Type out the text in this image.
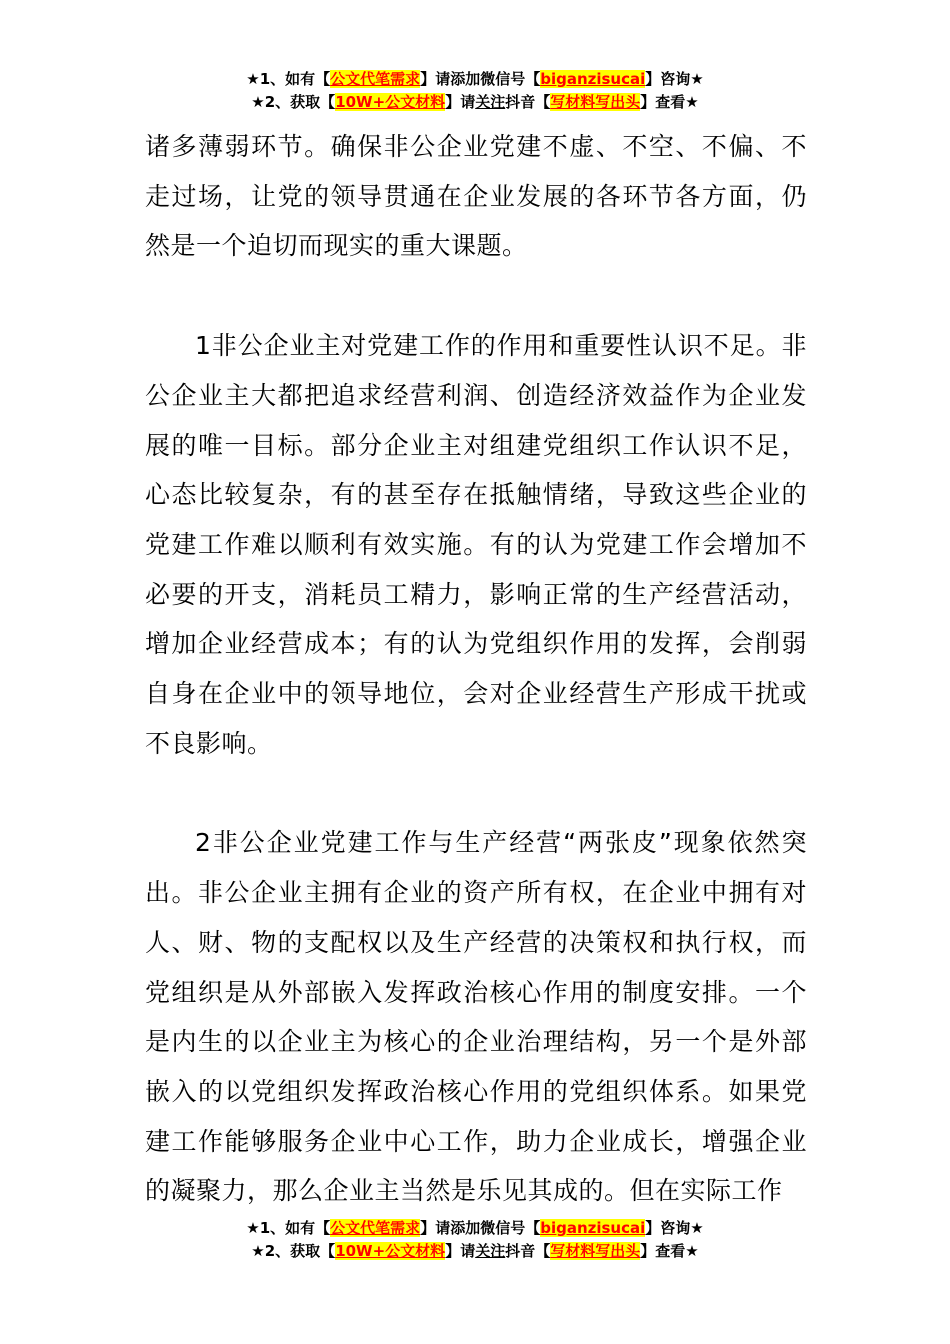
★1、如有【公文代笔需求】请添加微信号【biganzisucai】咨询★
★2、获取【10W+公文材料】请关注抖音【写材料写出头】查看★

诸多薄弱环节。确保非公企业党建不虚、不空、不偏、不走过场，让党的领导贯通在企业发展的各环节各方面，仍然是一个迫切而现实的重大课题。

1非公企业主对党建工作的作用和重要性认识不足。非公企业主大都把追求经营利润、创造经济效益作为企业发展的唯一目标。部分企业主对组建党组织工作认识不足，心态比较复杂，有的甚至存在抵触情绪，导致这些企业的党建工作难以顺利有效实施。有的认为党建工作会增加不必要的开支，消耗员工精力，影响正常的生产经营活动，增加企业经营成本；有的认为党组织作用的发挥，会削弱自身在企业中的领导地位，会对企业经营生产形成干扰或不良影响。

2非公企业党建工作与生产经营“两张皮”现象依然突出。非公企业主拥有企业的资产所有权，在企业中拥有对人、财、物的支配权以及生产经营的决策权和执行权，而党组织是从外部嵌入发挥政治核心作用的制度安排。一个是内生的以企业主为核心的企业治理结构，另一个是外部嵌入的以党组织发挥政治核心作用的党组织体系。如果党建工作能够服务企业中心工作，助力企业成长，增强企业的凝聚力，那么企业主当然是乐见其成的。但在实际工作

★1、如有【公文代笔需求】请添加微信号【biganzisucai】咨询★
★2、获取【10W+公文材料】请关注抖音【写材料写出头】查看★
